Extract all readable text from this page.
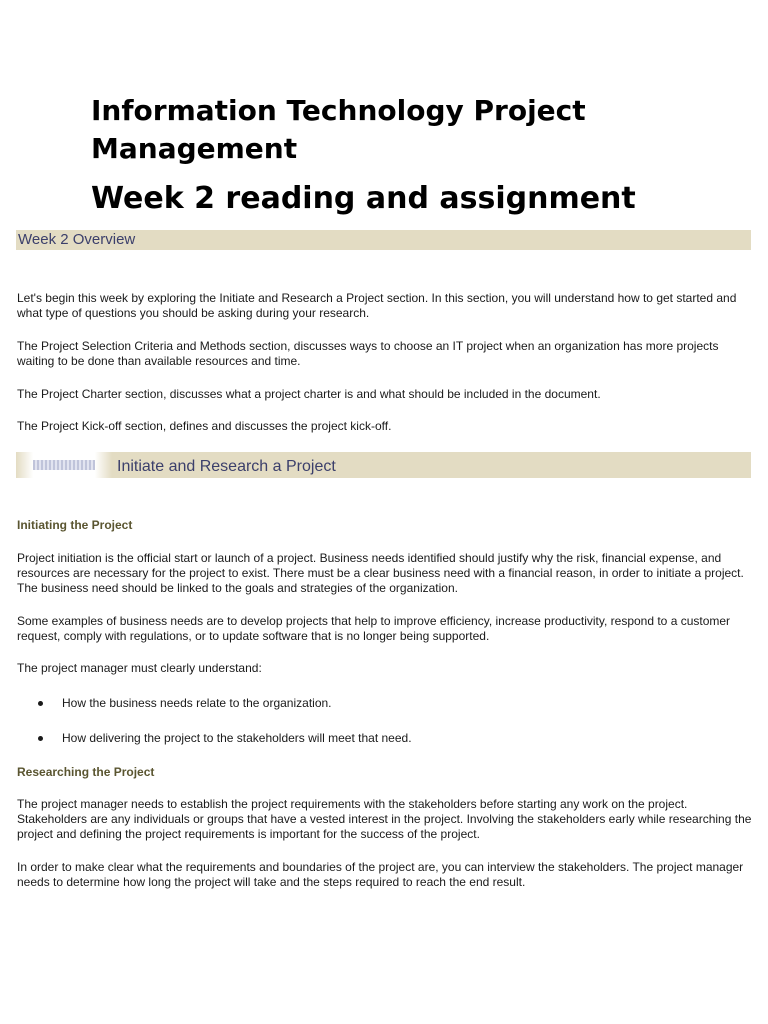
Information Technology Project Management
Week 2 reading and assignment
Week 2 Overview

Let's begin this week by exploring the Initiate and Research a Project section. In this section, you will understand how to get started and what type of questions you should be asking during your research.

The Project Selection Criteria and Methods section, discusses ways to choose an IT project when an organization has more projects waiting to be done than available resources and time.

The Project Charter section, discusses what a project charter is and what should be included in the document.

The Project Kick-off section, defines and discusses the project kick-off.

Initiate and Research a Project
Initiating the Project

Project initiation is the official start or launch of a project. Business needs identified should justify why the risk, financial expense, and resources are necessary for the project to exist. There must be a clear business need with a financial reason, in order to initiate a project. The business need should be linked to the goals and strategies of the organization.

Some examples of business needs are to develop projects that help to improve efficiency, increase productivity, respond to a customer request, comply with regulations, or to update software that is no longer being supported.

The project manager must clearly understand:

How the business needs relate to the organization.
How delivering the project to the stakeholders will meet that need.
Researching the Project

The project manager needs to establish the project requirements with the stakeholders before starting any work on the project. Stakeholders are any individuals or groups that have a vested interest in the project. Involving the stakeholders early while researching the project and defining the project requirements is important for the success of the project.

In order to make clear what the requirements and boundaries of the project are, you can interview the stakeholders. The project manager needs to determine how long the project will take and the steps required to reach the end result.
